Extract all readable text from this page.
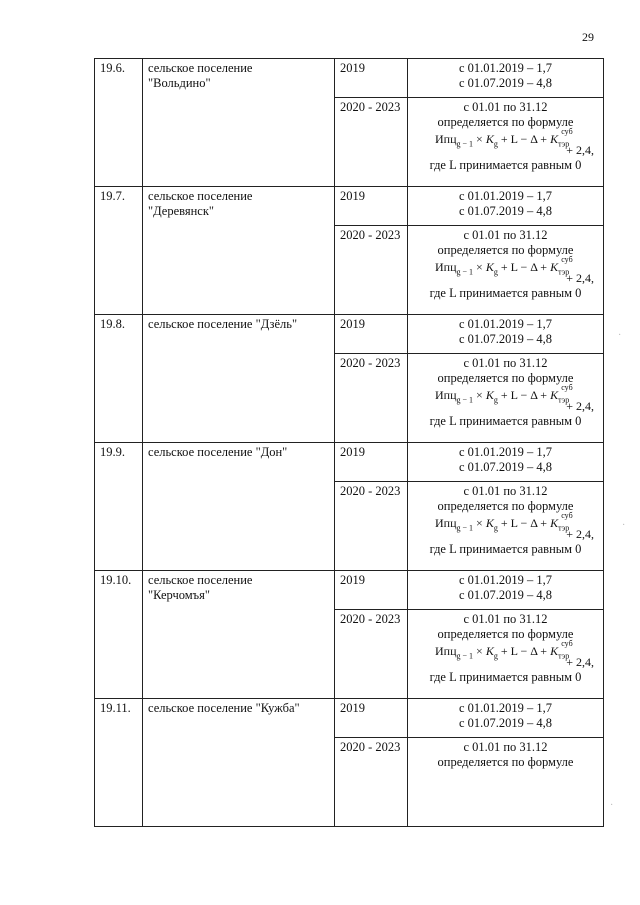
29
19.6.	сельское поселение
"Вольдино"	2019	с 01.01.2019 – 1,7
с 01.07.2019 – 4,8

		2020 - 2023	с 01.01 по 31.12
определяется по формуле
$Ипц_{g - 1} \times K_g + L - \Delta + K_{тэр}^{суб}$
+ 2,4,
где L принимается равным 0

19.7.	сельское поселение
"Деревянск"	2019	с 01.01.2019 – 1,7
с 01.07.2019 – 4,8

		2020 - 2023	с 01.01 по 31.12
определяется по формуле
$Ипц_{g - 1} \times K_g + L - \Delta + K_{тэр}^{суб}$
+ 2,4,
где L принимается равным 0

19.8.	сельское поселение "Дзёль"	2019	с 01.01.2019 – 1,7
с 01.07.2019 – 4,8

		2020 - 2023	с 01.01 по 31.12
определяется по формуле
$Ипц_{g - 1} \times K_g + L - \Delta + K_{тэр}^{суб}$
+ 2,4,
где L принимается равным 0

19.9.	сельское поселение "Дон"	2019	с 01.01.2019 – 1,7
с 01.07.2019 – 4,8

		2020 - 2023	с 01.01 по 31.12
определяется по формуле
$Ипц_{g - 1} \times K_g + L - \Delta + K_{тэр}^{суб}$
+ 2,4,
где L принимается равным 0

19.10.	сельское поселение
"Керчомъя"	2019	с 01.01.2019 – 1,7
с 01.07.2019 – 4,8

		2020 - 2023	с 01.01 по 31.12
определяется по формуле
$Ипц_{g - 1} \times K_g + L - \Delta + K_{тэр}^{суб}$
+ 2,4,
где L принимается равным 0

19.11.	сельское поселение "Кужба"	2019	с 01.01.2019 – 1,7
с 01.07.2019 – 4,8

		2020 - 2023	с 01.01 по 31.12
определяется по формуле
·
·
·
